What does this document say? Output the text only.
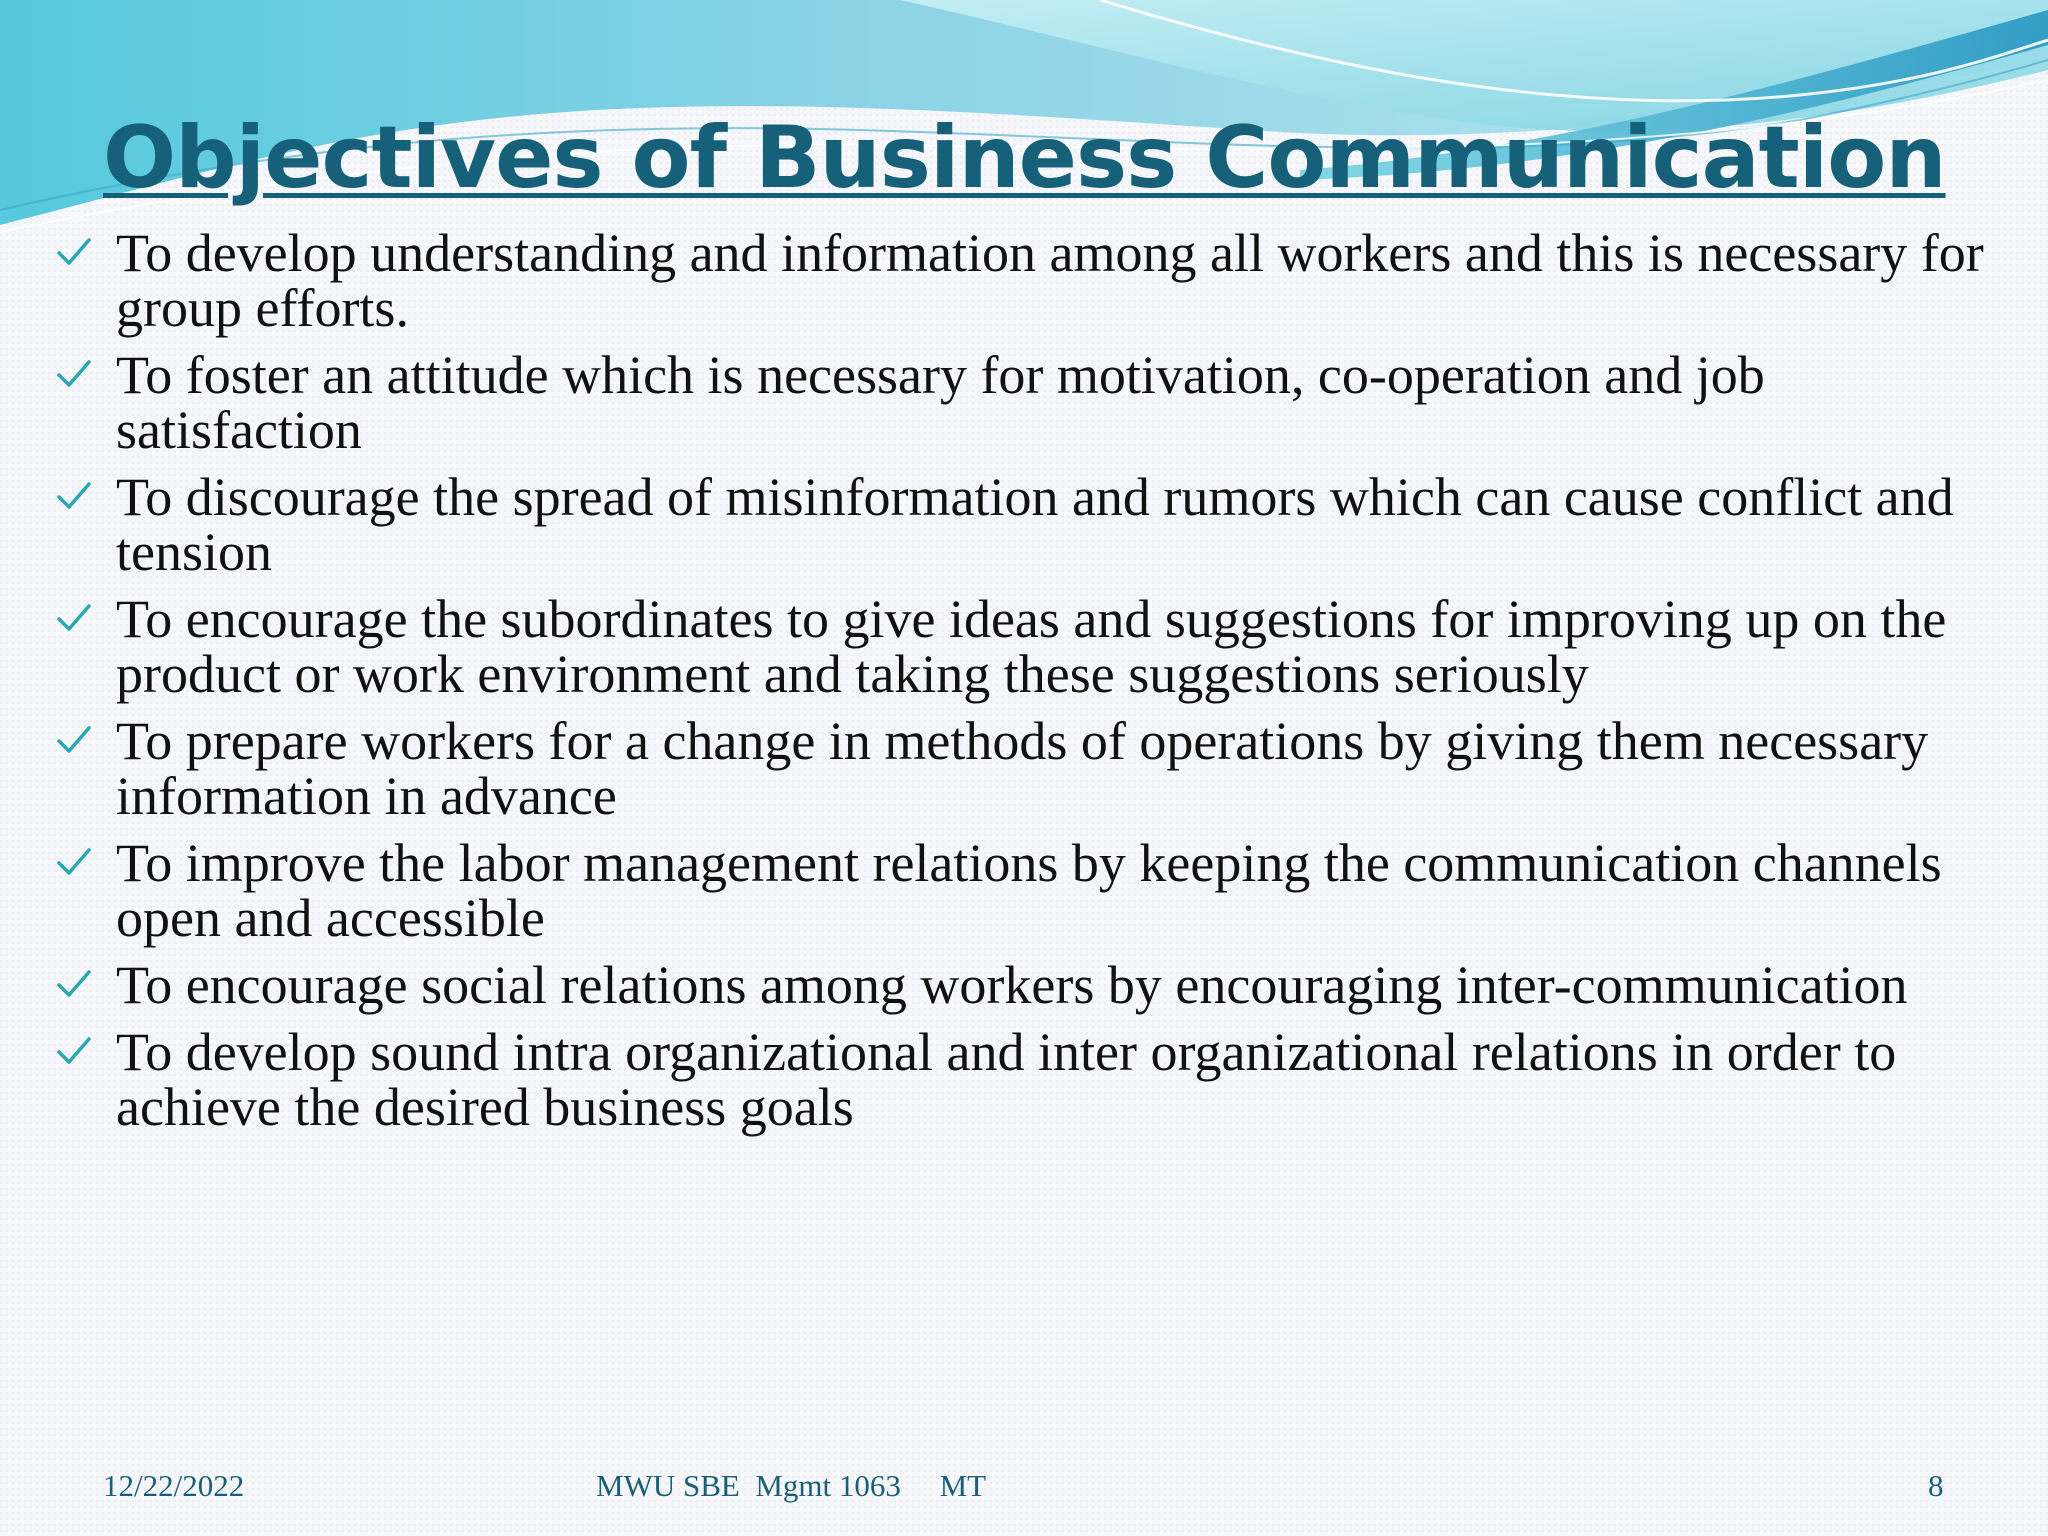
Objectives of Business Communication
To develop understanding and information among all workers and this is necessary for group efforts.
To foster an attitude which is necessary for motivation, co-operation and job satisfaction
To discourage the spread of misinformation and rumors which can cause conflict and tension
To encourage the subordinates to give ideas and suggestions for improving up on the product or work environment and taking these suggestions seriously
To prepare workers for a change in methods of operations by giving them necessary information in advance
To improve the labor management relations by keeping the communication channels open and accessible
To encourage social relations among workers by encouraging inter-communication
To develop sound intra organizational and inter organizational relations in order to achieve the desired business goals
12/22/2022	MWU SBE  Mgmt 1063     MT	8
